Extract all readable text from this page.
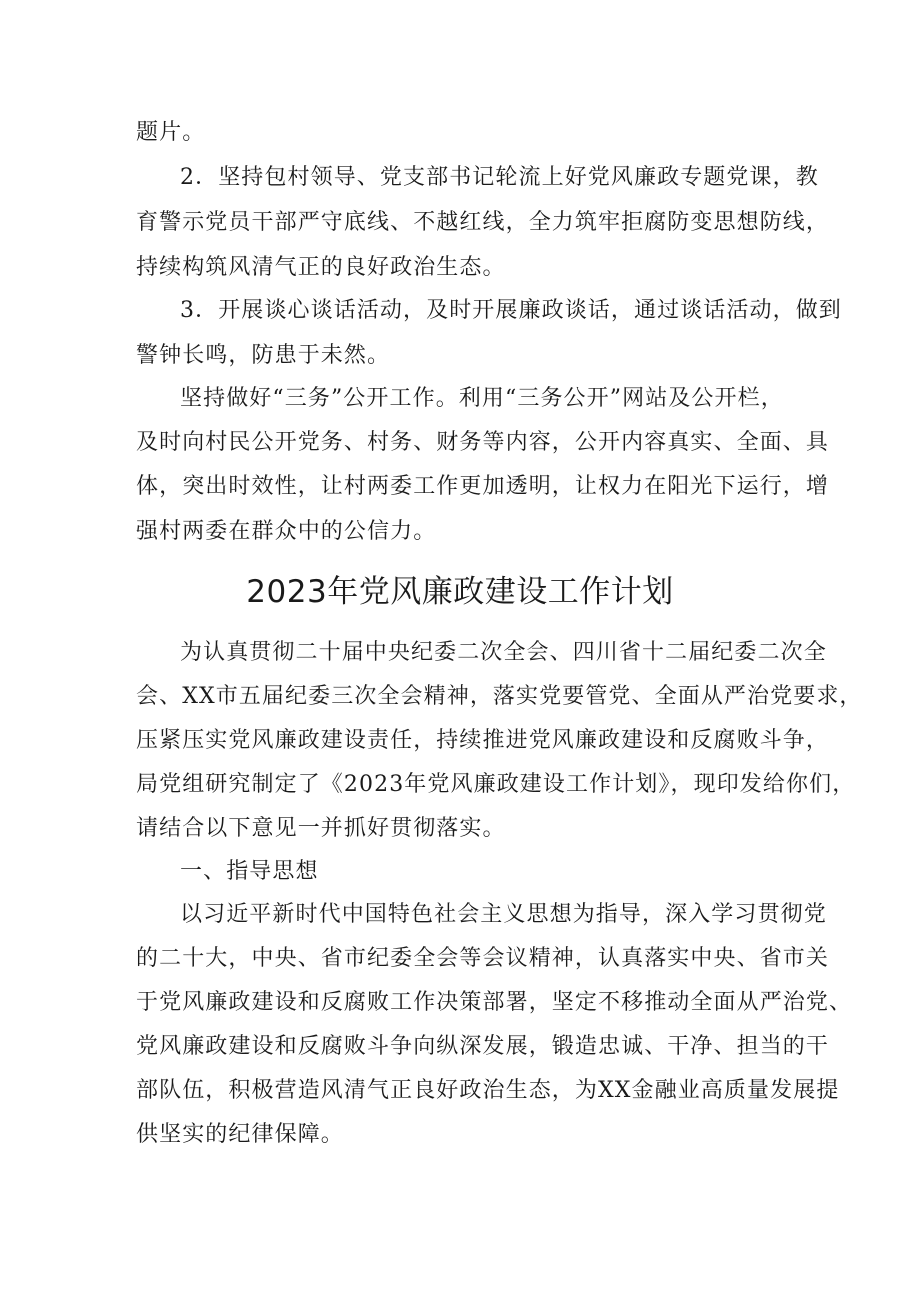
题片。
2．坚持包村领导、党支部书记轮流上好党风廉政专题党课，教
育警示党员干部严守底线、不越红线，全力筑牢拒腐防变思想防线，
持续构筑风清气正的良好政治生态。
3．开展谈心谈话活动，及时开展廉政谈话，通过谈话活动，做到
警钟长鸣，防患于未然。
坚持做好“三务”公开工作。利用“三务公开”网站及公开栏，
及时向村民公开党务、村务、财务等内容，公开内容真实、全面、具
体，突出时效性，让村两委工作更加透明，让权力在阳光下运行，增
强村两委在群众中的公信力。
2023年党风廉政建设工作计划
为认真贯彻二十届中央纪委二次全会、四川省十二届纪委二次全
会、XX市五届纪委三次全会精神，落实党要管党、全面从严治党要求，
压紧压实党风廉政建设责任，持续推进党风廉政建设和反腐败斗争，
局党组研究制定了《2023年党风廉政建设工作计划》，现印发给你们，
请结合以下意见一并抓好贯彻落实。
一、指导思想
以习近平新时代中国特色社会主义思想为指导，深入学习贯彻党
的二十大，中央、省市纪委全会等会议精神，认真落实中央、省市关
于党风廉政建设和反腐败工作决策部署，坚定不移推动全面从严治党、
党风廉政建设和反腐败斗争向纵深发展，锻造忠诚、干净、担当的干
部队伍，积极营造风清气正良好政治生态，为XX金融业高质量发展提
供坚实的纪律保障。
